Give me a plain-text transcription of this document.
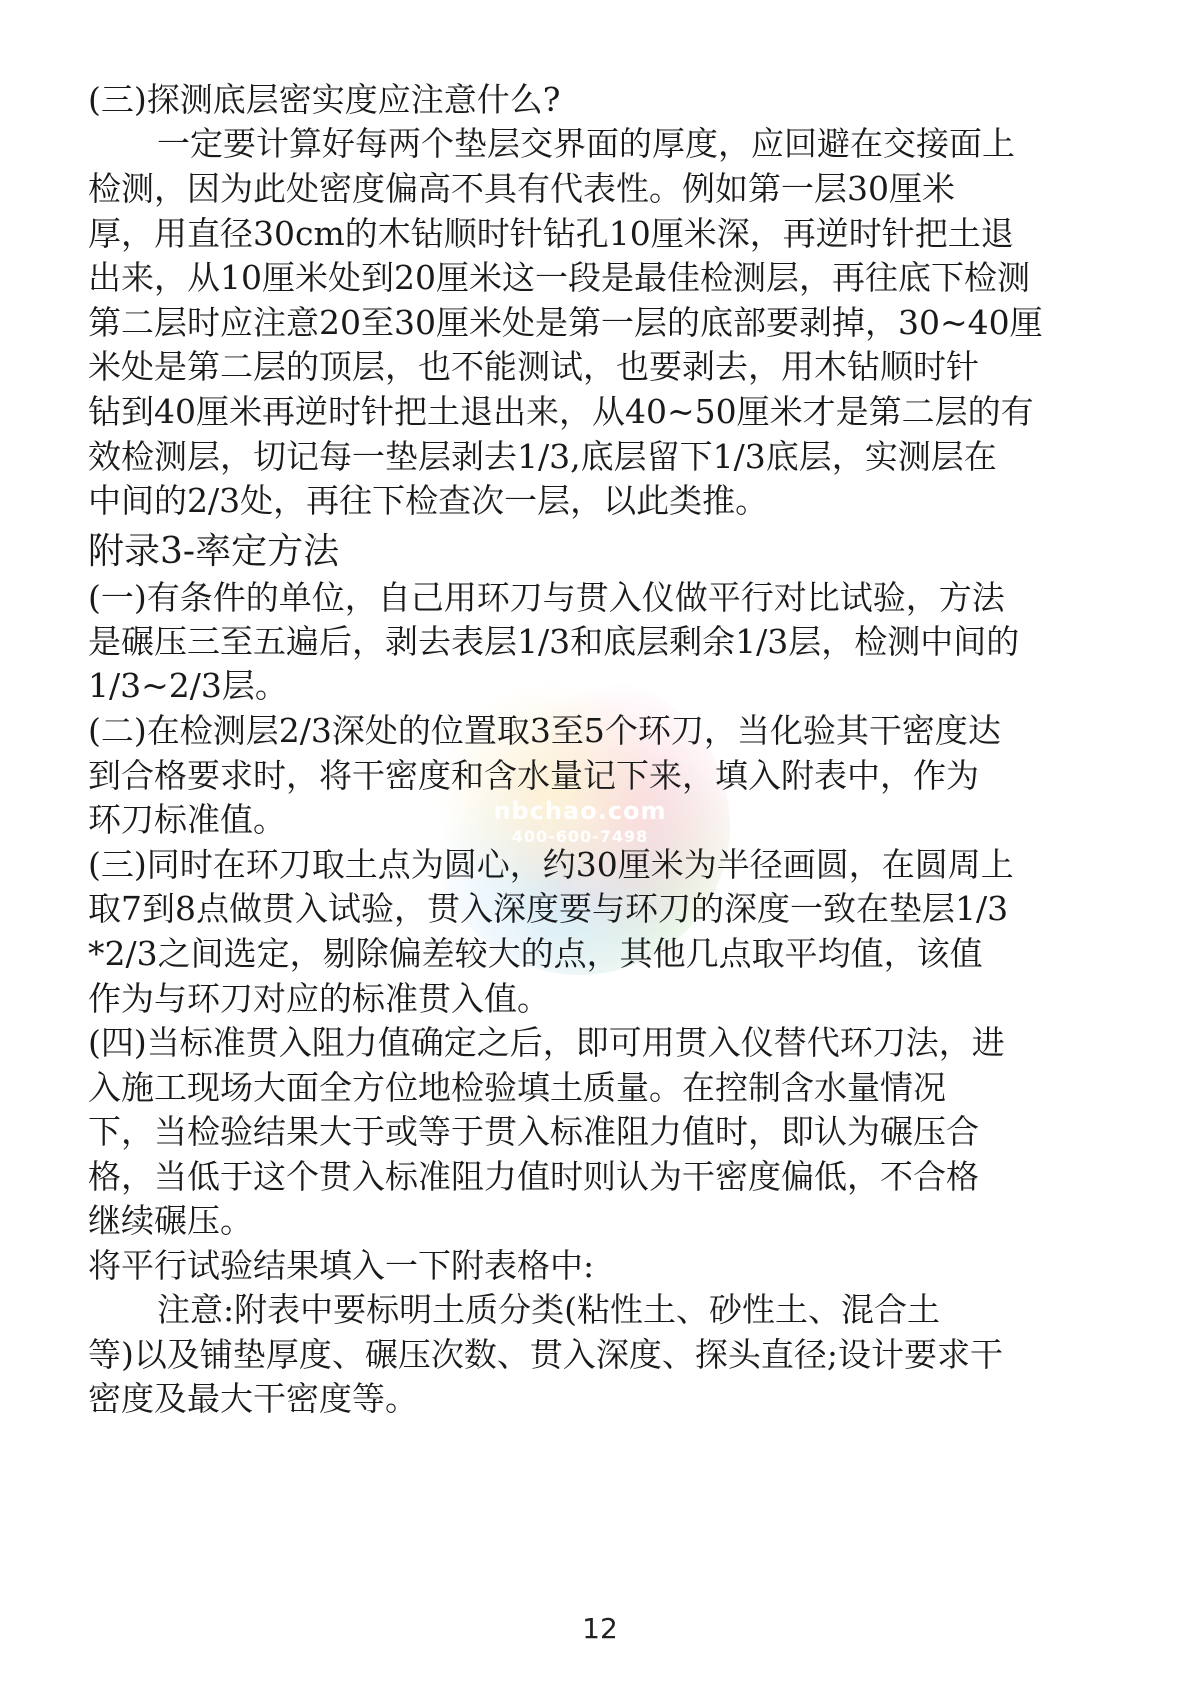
nbchao.com
400-600-7498

(三)探测底层密实度应注意什么?

一定要计算好每两个垫层交界面的厚度，应回避在交接面上

检测，因为此处密度偏高不具有代表性。例如第一层30厘米

厚，用直径30cm的木钻顺时针钻孔10厘米深，再逆时针把土退

出来，从10厘米处到20厘米这一段是最佳检测层，再往底下检测

第二层时应注意20至30厘米处是第一层的底部要剥掉，30~40厘

米处是第二层的顶层，也不能测试，也要剥去，用木钻顺时针

钻到40厘米再逆时针把土退出来，从40~50厘米才是第二层的有

效检测层，切记每一垫层剥去1/3,底层留下1/3底层，实测层在

中间的2/3处，再往下检查次一层，以此类推。

附录3-率定方法

(一)有条件的单位，自己用环刀与贯入仪做平行对比试验，方法

是碾压三至五遍后，剥去表层1/3和底层剩余1/3层，检测中间的

1/3~2/3层。

(二)在检测层2/3深处的位置取3至5个环刀，当化验其干密度达

到合格要求时，将干密度和含水量记下来，填入附表中，作为

环刀标准值。

(三)同时在环刀取土点为圆心，约30厘米为半径画圆，在圆周上

取7到8点做贯入试验，贯入深度要与环刀的深度一致在垫层1/3

*2/3之间选定，剔除偏差较大的点，其他几点取平均值，该值

作为与环刀对应的标准贯入值。

(四)当标准贯入阻力值确定之后，即可用贯入仪替代环刀法，进

入施工现场大面全方位地检验填土质量。在控制含水量情况

下，当检验结果大于或等于贯入标准阻力值时，即认为碾压合

格，当低于这个贯入标准阻力值时则认为干密度偏低，不合格

继续碾压。

将平行试验结果填入一下附表格中:

注意:附表中要标明土质分类(粘性土、砂性土、混合土

等)以及铺垫厚度、碾压次数、贯入深度、探头直径;设计要求干

密度及最大干密度等。

12
